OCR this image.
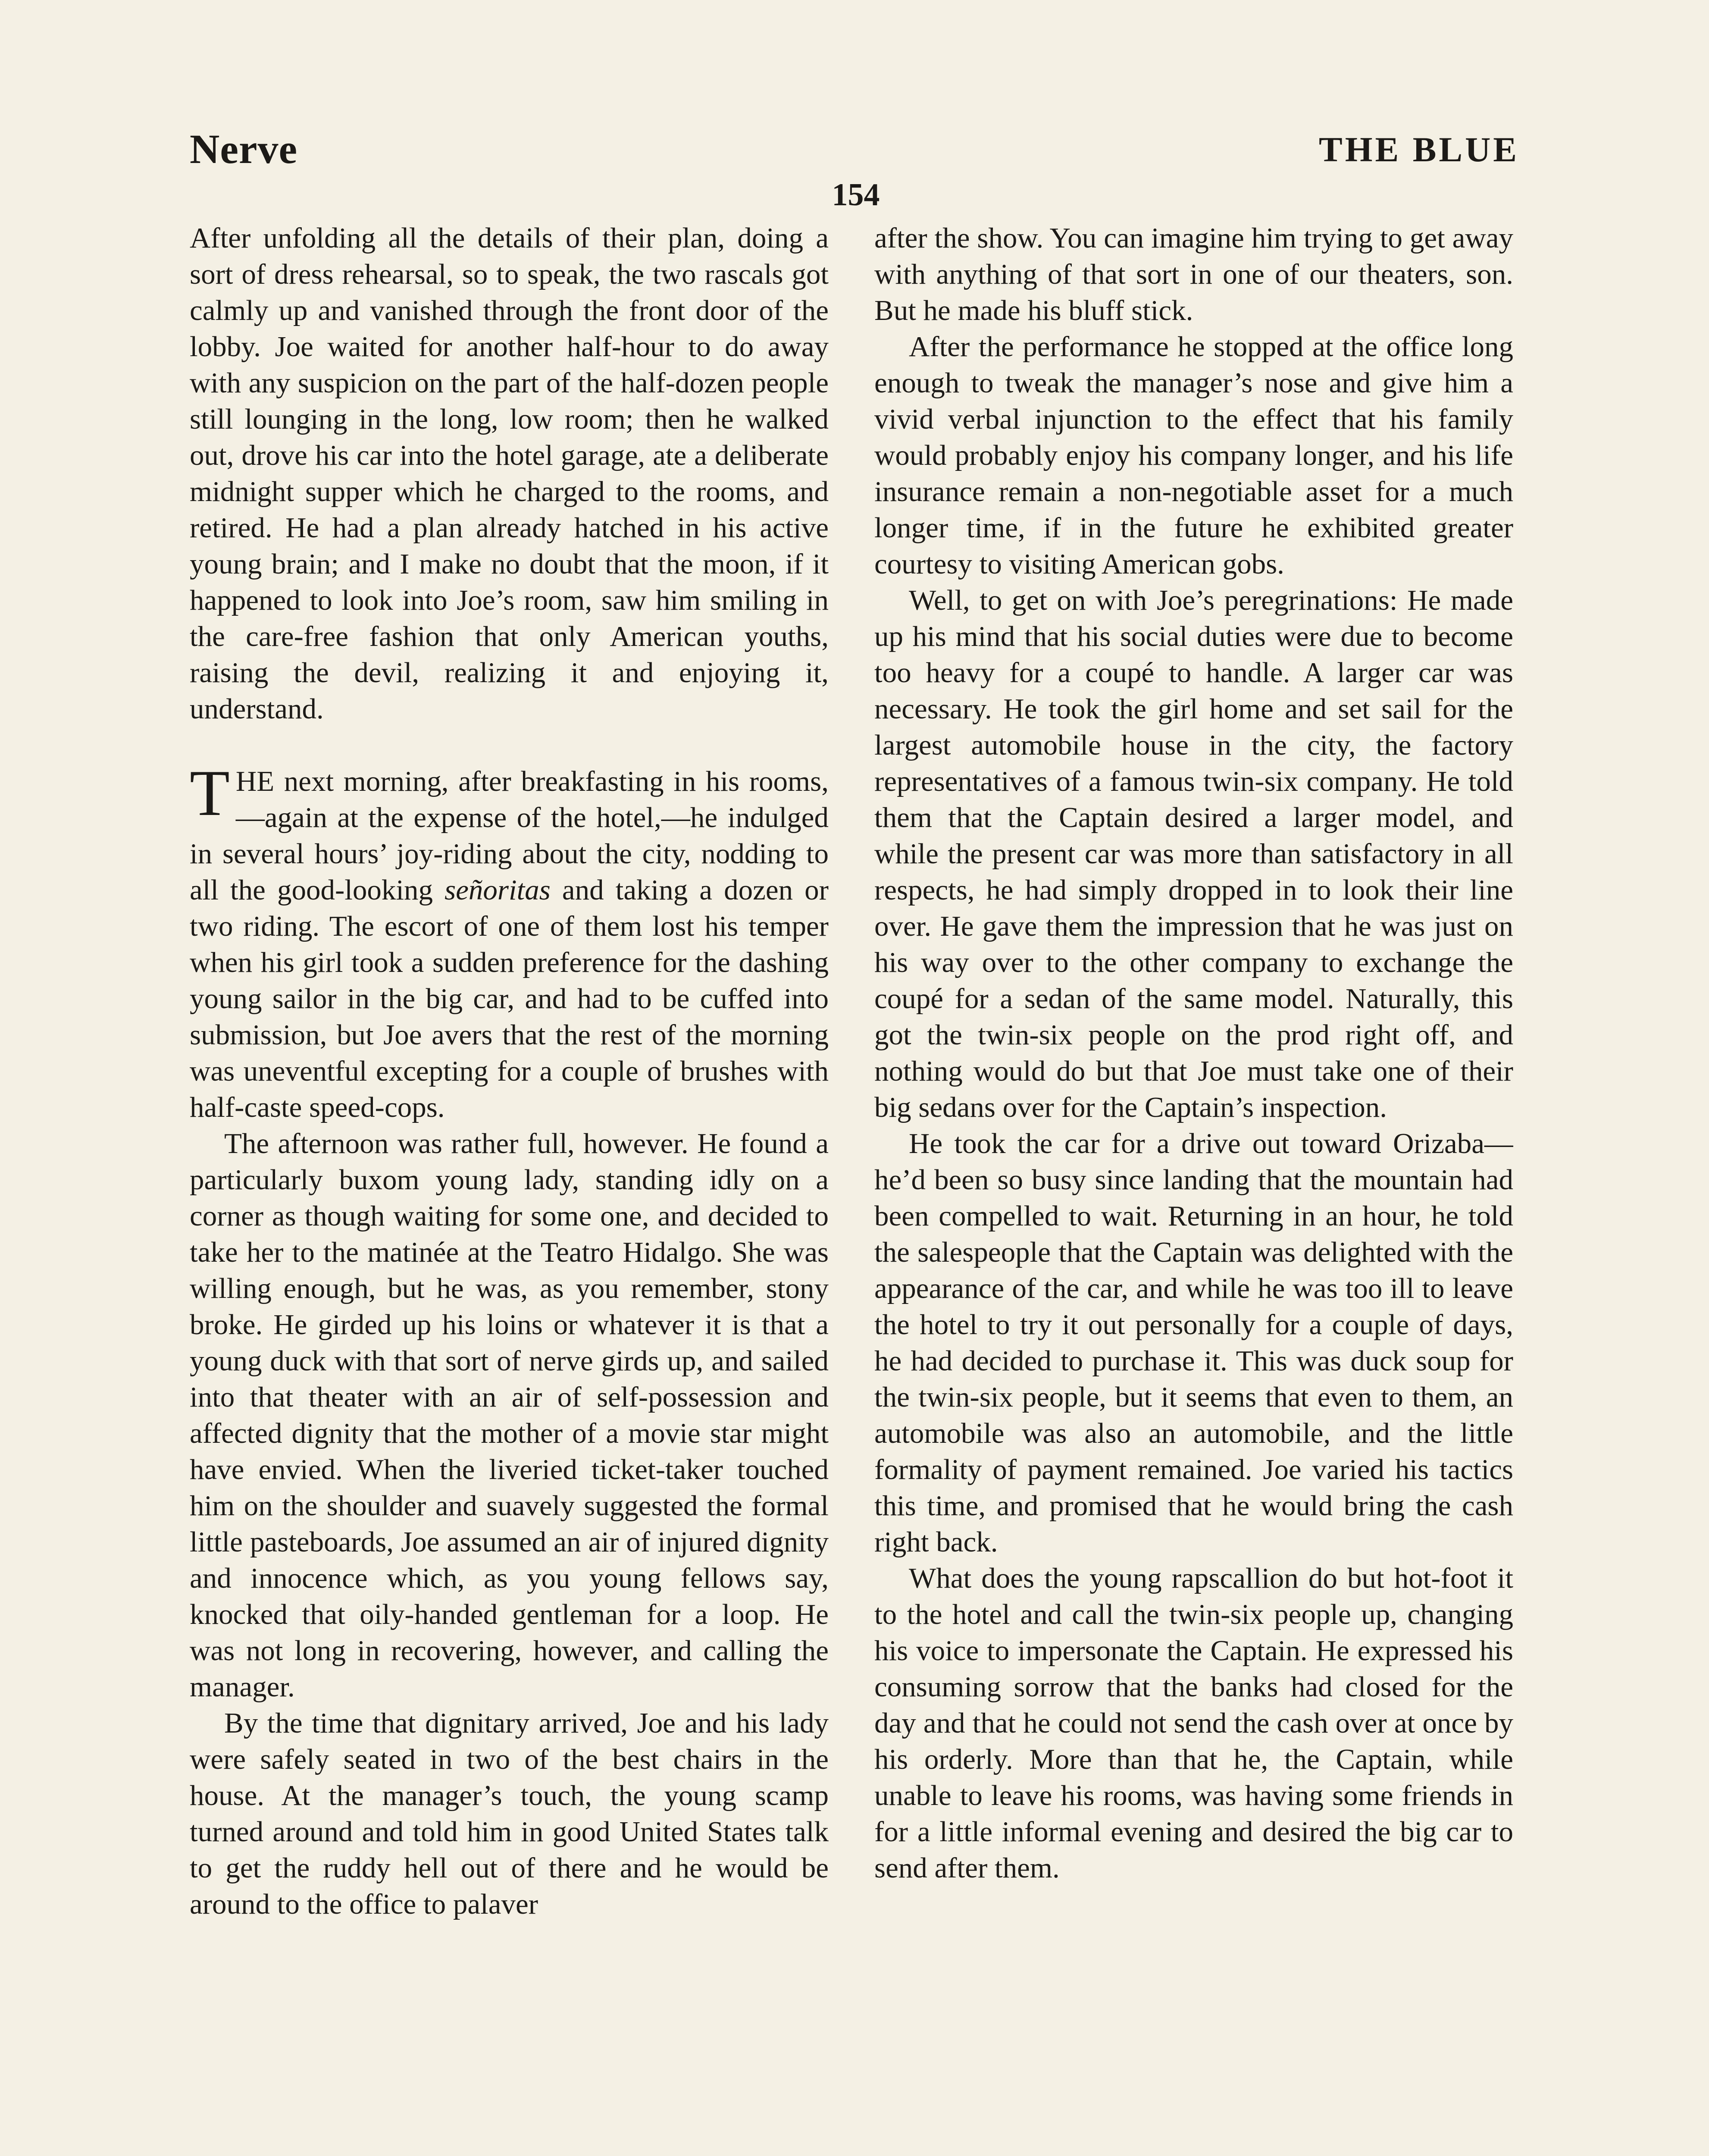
Nerve	THE BLUE
154

After unfolding all the details of their plan, doing a sort of dress rehearsal, so to speak, the two rascals got calmly up and vanished through the front door of the lobby. Joe waited for another half-hour to do away with any suspicion on the part of the half-dozen people still lounging in the long, low room; then he walked out, drove his car into the hotel garage, ate a deliberate midnight supper which he charged to the rooms, and retired. He had a plan already hatched in his active young brain; and I make no doubt that the moon, if it happened to look into Joe’s room, saw him smiling in the care-free fashion that only American youths, raising the devil, realizing it and enjoying it, understand.

THE next morning, after breakfasting in his rooms,—again at the expense of the hotel,—he indulged in several hours’ joy-riding about the city, nodding to all the good-looking señoritas and taking a dozen or two riding. The escort of one of them lost his temper when his girl took a sudden preference for the dashing young sailor in the big car, and had to be cuffed into submission, but Joe avers that the rest of the morning was uneventful excepting for a couple of brushes with half-caste speed-cops.

The afternoon was rather full, however. He found a particularly buxom young lady, standing idly on a corner as though waiting for some one, and decided to take her to the matinée at the Teatro Hidalgo. She was willing enough, but he was, as you remember, stony broke. He girded up his loins or whatever it is that a young duck with that sort of nerve girds up, and sailed into that theater with an air of self-possession and affected dignity that the mother of a movie star might have envied. When the liveried ticket-taker touched him on the shoulder and suavely suggested the formal little pasteboards, Joe assumed an air of injured dignity and innocence which, as you young fellows say, knocked that oily-handed gentleman for a loop. He was not long in recovering, however, and calling the manager.

By the time that dignitary arrived, Joe and his lady were safely seated in two of the best chairs in the house. At the manager’s touch, the young scamp turned around and told him in good United States talk to get the ruddy hell out of there and he would be around to the office to palaver

after the show. You can imagine him trying to get away with anything of that sort in one of our theaters, son. But he made his bluff stick.

After the performance he stopped at the office long enough to tweak the manager’s nose and give him a vivid verbal injunction to the effect that his family would probably enjoy his company longer, and his life insurance remain a non-negotiable asset for a much longer time, if in the future he exhibited greater courtesy to visiting American gobs.

Well, to get on with Joe’s peregrinations: He made up his mind that his social duties were due to become too heavy for a coupé to handle. A larger car was necessary. He took the girl home and set sail for the largest automobile house in the city, the factory representatives of a famous twin-six company. He told them that the Captain desired a larger model, and while the present car was more than satisfactory in all respects, he had simply dropped in to look their line over. He gave them the impression that he was just on his way over to the other company to exchange the coupé for a sedan of the same model. Naturally, this got the twin-six people on the prod right off, and nothing would do but that Joe must take one of their big sedans over for the Captain’s inspection.

He took the car for a drive out toward Orizaba—he’d been so busy since landing that the mountain had been compelled to wait. Returning in an hour, he told the salespeople that the Captain was delighted with the appearance of the car, and while he was too ill to leave the hotel to try it out personally for a couple of days, he had decided to purchase it. This was duck soup for the twin-six people, but it seems that even to them, an automobile was also an automobile, and the little formality of payment remained. Joe varied his tactics this time, and promised that he would bring the cash right back.

What does the young rapscallion do but hot-foot it to the hotel and call the twin-six people up, changing his voice to impersonate the Captain. He expressed his consuming sorrow that the banks had closed for the day and that he could not send the cash over at once by his orderly. More than that he, the Captain, while unable to leave his rooms, was having some friends in for a little informal evening and desired the big car to send after them.
